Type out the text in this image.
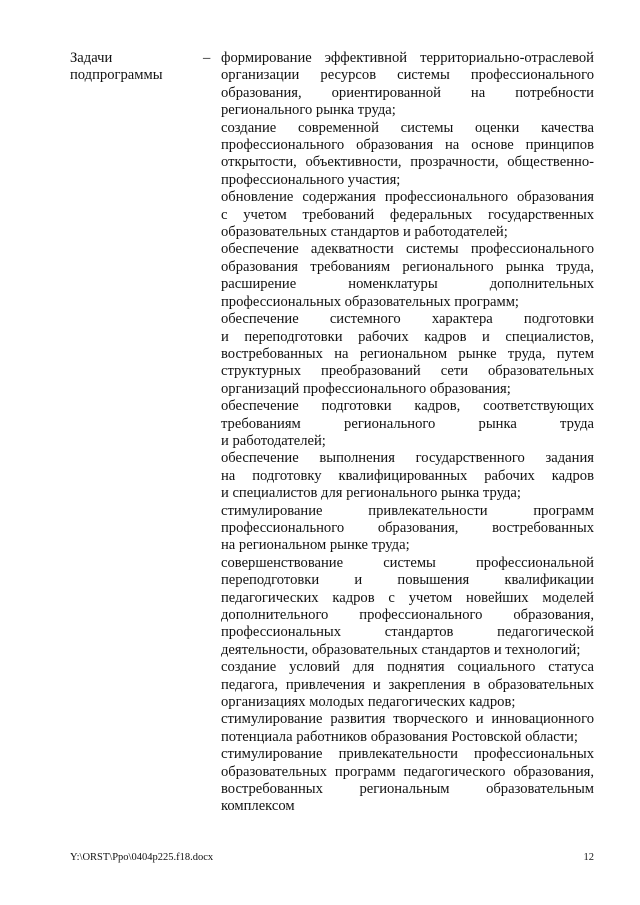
Задачи
подпрограммы
– формирование эффективной территориально-отраслевой
организации ресурсов системы профессионального
образования, ориентированной на потребности
регионального рынка труда;
создание современной системы оценки качества
профессионального образования на основе принципов
открытости, объективности, прозрачности, общественно-
профессионального участия;
обновление содержания профессионального образования
с учетом требований федеральных государственных
образовательных стандартов и работодателей;
обеспечение адекватности системы профессионального
образования требованиям регионального рынка труда,
расширение номенклатуры дополнительных
профессиональных образовательных программ;
обеспечение системного характера подготовки
и переподготовки рабочих кадров и специалистов,
востребованных на региональном рынке труда, путем
структурных преобразований сети образовательных
организаций профессионального образования;
обеспечение подготовки кадров, соответствующих
требованиям регионального рынка труда
и работодателей;
обеспечение выполнения государственного задания
на подготовку квалифицированных рабочих кадров
и специалистов для регионального рынка труда;
стимулирование привлекательности программ
профессионального образования, востребованных
на региональном рынке труда;
совершенствование системы профессиональной
переподготовки и повышения квалификации
педагогических кадров с учетом новейших моделей
дополнительного профессионального образования,
профессиональных стандартов педагогической
деятельности, образовательных стандартов и технологий;
создание условий для поднятия социального статуса
педагога, привлечения и закрепления в образовательных
организациях молодых педагогических кадров;
стимулирование развития творческого и инновационного
потенциала работников образования Ростовской области;
стимулирование привлекательности профессиональных
образовательных программ педагогического образования,
востребованных региональным образовательным
комплексом
Y:\ORST\Ppo\0404p225.f18.docx	12
